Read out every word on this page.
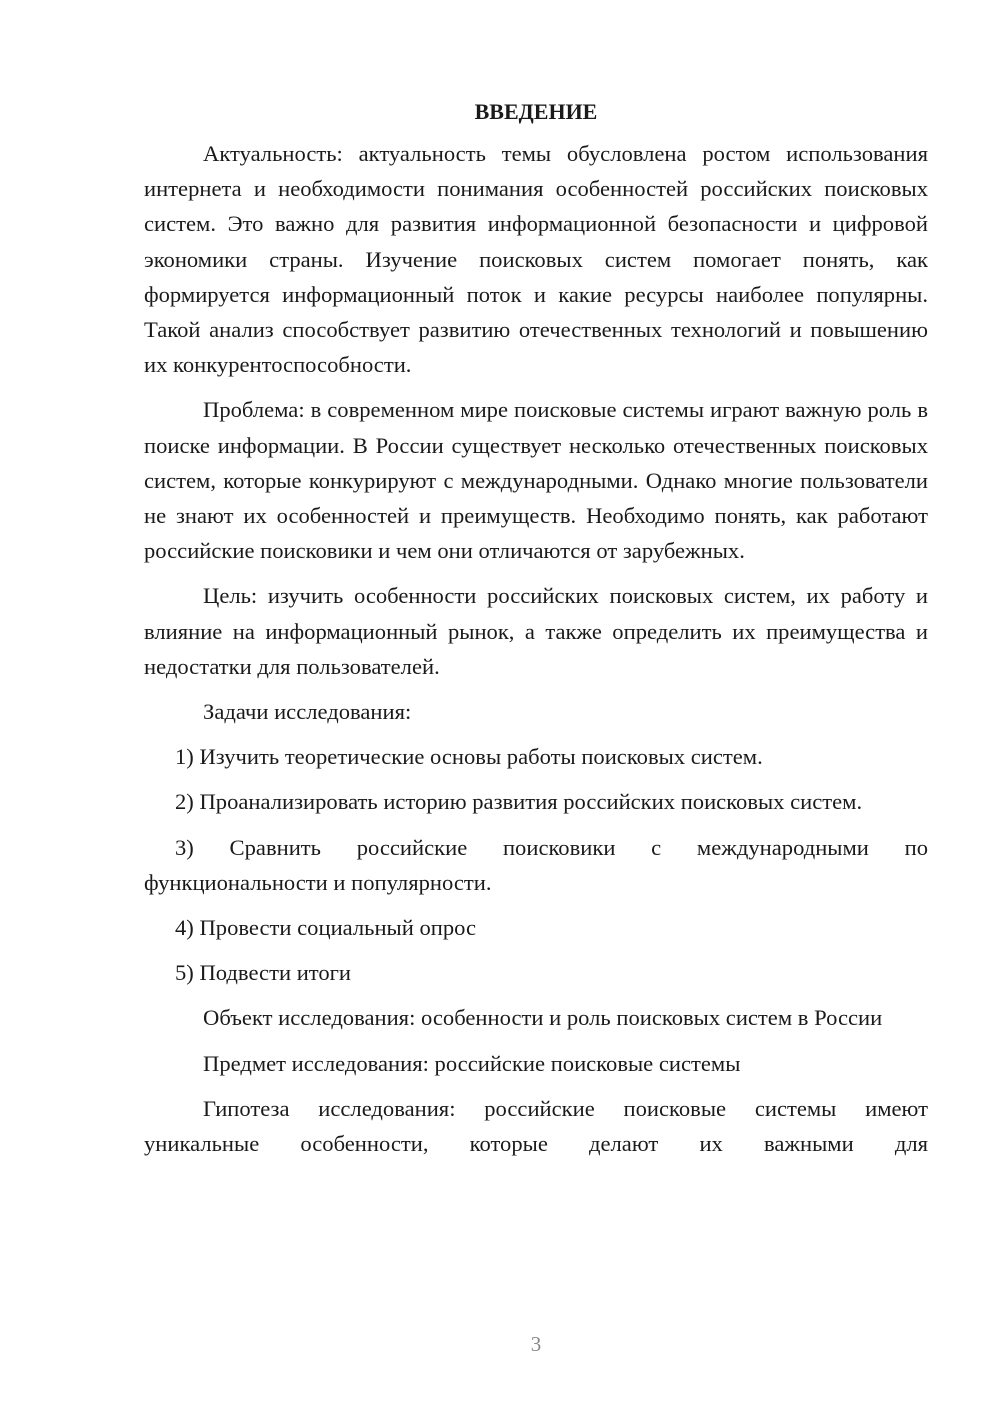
ВВЕДЕНИЕ

Актуальность: актуальность темы обусловлена ростом использования интернета и необходимости понимания особенностей российских поисковых систем. Это важно для развития информационной безопасности и цифровой экономики страны. Изучение поисковых систем помогает понять, как формируется информационный поток и какие ресурсы наиболее популярны. Такой анализ способствует развитию отечественных технологий и повышению их конкурентоспособности.

Проблема: в современном мире поисковые системы играют важную роль в поиске информации. В России существует несколько отечественных поисковых систем, которые конкурируют с международными. Однако многие пользователи не знают их особенностей и преимуществ. Необходимо понять, как работают российские поисковики и чем они отличаются от зарубежных.

Цель: изучить особенности российских поисковых систем, их работу и влияние на информационный рынок, а также определить их преимущества и недостатки для пользователей.

Задачи исследования:

1) Изучить теоретические основы работы поисковых систем.

2) Проанализировать историю развития российских поисковых систем.

3) Сравнить российские поисковики с международными по функциональности и популярности.

4) Провести социальный опрос

5) Подвести итоги

Объект исследования: особенности и роль поисковых систем в России

Предмет исследования: российские поисковые системы

Гипотеза исследования: российские поисковые системы имеют уникальные особенности, которые делают их важными для

3
